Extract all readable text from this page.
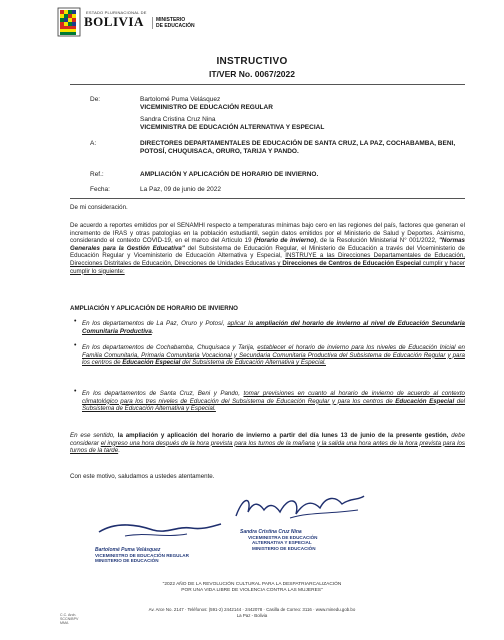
ESTADO PLURINACIONAL DE
BOLIVIA MINISTERIO
DE EDUCACIÓN
INSTRUCTIVO
IT/VER No. 0067/2022
De:	Bartolomé Puma Velásquez
VICEMINISTRO DE EDUCACIÓN REGULAR
Sandra Cristina Cruz Nina
VICEMINISTRA DE EDUCACIÓN ALTERNATIVA Y ESPECIAL
A:	DIRECTORES DEPARTAMENTALES DE EDUCACIÓN DE SANTA CRUZ, LA PAZ, COCHABAMBA, BENI, POTOSÍ, CHUQUISACA, ORURO, TARIJA Y PANDO.
Ref.:	AMPLIACIÓN Y APLICACIÓN DE HORARIO DE INVIERNO.
Fecha:	La Paz, 09 de junio de 2022
De mi consideración.
De acuerdo a reportes emitidos por el SENAMHI respecto a temperaturas mínimas bajo cero en las regiones del país, factores que generan el incremento de IRAS y otras patologías en la población estudiantil, según datos emitidos por el Ministerio de Salud y Deportes. Asimismo, considerando el contexto COVID-19, en el marco del Artículo 19 (Horario de invierno), de la Resolución Ministerial N° 001/2022, "Normas Generales para la Gestión Educativa" del Subsistema de Educación Regular, el Ministerio de Educación a través del Viceministerio de Educación Regular y Viceministerio de Educación Alternativa y Especial, INSTRUYE a las Direcciones Departamentales de Educación, Direcciones Distritales de Educación, Direcciones de Unidades Educativas y Direcciones de Centros de Educación Especial cumplir y hacer cumplir lo siguiente:
AMPLIACIÓN Y APLICACIÓN DE HORARIO DE INVIERNO
• En los departamentos de La Paz, Oruro y Potosí, aplicar la ampliación del horario de invierno al nivel de Educación Secundaria Comunitaria Productiva.
• En los departamentos de Cochabamba, Chuquisaca y Tarija, establecer el horario de invierno para los niveles de Educación Inicial en Familia Comunitaria, Primaria Comunitaria Vocacional y Secundaria Comunitaria Productiva del Subsistema de Educación Regular y para los centros de Educación Especial del Subsistema de Educación Alternativa y Especial.
• En los departamentos de Santa Cruz, Beni y Pando, tomar previsiones en cuanto al horario de invierno de acuerdo al contexto climatológico para los tres niveles de Educación del Subsistema de Educación Regular y para los centros de Educación Especial del Subsistema de Educación Alternativa y Especial.
En ese sentido, la ampliación y aplicación del horario de invierno a partir del día lunes 13 de junio de la presente gestión, debe considerar el ingreso una hora después de la hora prevista para los turnos de la mañana y la salida una hora antes de la hora prevista para los turnos de la tarde.
Con este motivo, saludamos a ustedes atentamente.
Sandra Cristina Cruz Nina
VICEMINISTRA DE EDUCACIÓN
ALTERNATIVA Y ESPECIAL
MINISTERIO DE EDUCACIÓN
Bartolomé Puma Velásquez
VICEMINISTRO DE EDUCACIÓN REGULAR
MINISTERIO DE EDUCACIÓN
"2022 AÑO DE LA REVOLUCIÓN CULTURAL PARA LA DESPATRIARCALIZACIÓN
POR UNA VIDA LIBRE DE VIOLENCIA CONTRA LAS MUJERES"
C.C. Arch.
SCCN/BPV
MMA
Av. Arce No. 2147 · Teléfonos: (591-2) 2442144 · 2442078 · Casilla de Correo: 3116 · www.minedu.gob.bo
La Paz - Bolivia
